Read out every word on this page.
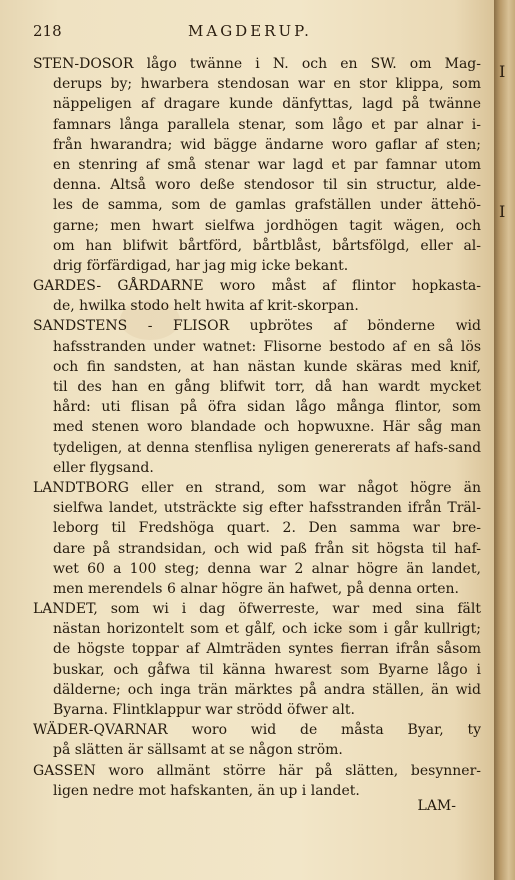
218	MAGDERUP.
STEN-DOSOR lågo twänne i N. och en SW. om Mag-
derups by; hwarbera stendosan war en stor klippa, som
näppeligen af dragare kunde dänfyttas, lagd på twänne
famnars långa parallela stenar, som lågo et par alnar i-
från hwarandra; wid bägge ändarne woro gaflar af sten;
en stenring af små stenar war lagd et par famnar utom
denna. Altså woro deße stendosor til sin structur, alde-
les de samma, som de gamlas grafställen under ättehö-
garne; men hwart sielfwa jordhögen tagit wägen, och
om han blifwit bårtförd, bårtblåst, bårtsfölgd, eller al-
drig förfärdigad, har jag mig icke bekant.
GARDES- GÅRDARNE woro måst af flintor hopkasta-
de, hwilka stodo helt hwita af krit-skorpan.
SANDSTENS - FLISOR upbrötes af bönderne wid
hafsstranden under watnet: Flisorne bestodo af en så lös
och fin sandsten, at han nästan kunde skäras med knif,
til des han en gång blifwit torr, då han wardt mycket
hård: uti flisan på öfra sidan lågo många flintor, som
med stenen woro blandade och hopwuxne. Här såg man
tydeligen, at denna stenflisa nyligen genererats af hafs-sand
eller flygsand.
LANDTBORG eller en strand, som war något högre än
sielfwa landet, utsträckte sig efter hafsstranden ifrån Träl-
leborg til Fredshöga quart. 2. Den samma war bre-
dare på strandsidan, och wid paß från sit högsta til haf-
wet 60 a 100 steg; denna war 2 alnar högre än landet,
men merendels 6 alnar högre än hafwet, på denna orten.
LANDET, som wi i dag öfwerreste, war med sina fält
nästan horizontelt som et gålf, och icke som i går kullrigt;
de högste toppar af Almträden syntes fierran ifrån såsom
buskar, och gåfwa til känna hwarest som Byarne lågo i
dälderne; och inga trän märktes på andra ställen, än wid
Byarna. Flintklappur war strödd öfwer alt.
WÄDER-QVARNAR woro wid de måsta Byar, ty
på slätten är sällsamt at se någon ström.
GASSEN woro allmänt större här på slätten, besynner-
ligen nedre mot hafskanten, än up i landet.
LAM-
I
I
